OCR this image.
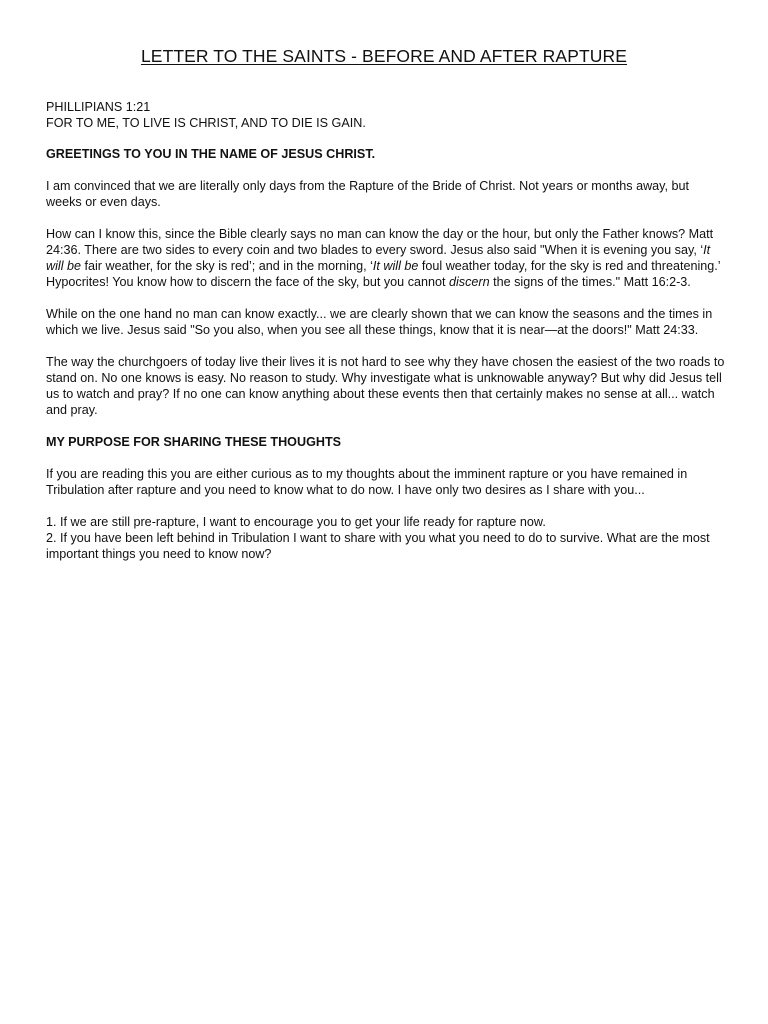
LETTER TO THE SAINTS - BEFORE AND AFTER RAPTURE

PHILLIPIANS 1:21
FOR TO ME, TO LIVE IS CHRIST, AND TO DIE IS GAIN.

GREETINGS TO YOU IN THE NAME OF JESUS CHRIST.

I am convinced that we are literally only days from the Rapture of the Bride of Christ. Not years or months away, but weeks or even days.

How can I know this, since the Bible clearly says no man can know the day or the hour, but only the Father knows? Matt 24:36. There are two sides to every coin and two blades to every sword. Jesus also said "When it is evening you say, ‘It will be fair weather, for the sky is red’; and in the morning, ‘It will be foul weather today, for the sky is red and threatening.’ Hypocrites! You know how to discern the face of the sky, but you cannot discern the signs of the times." Matt 16:2-3.

While on the one hand no man can know exactly... we are clearly shown that we can know the seasons and the times in which we live. Jesus said "So you also, when you see all these things, know that it is near—at the doors!" Matt 24:33.

The way the churchgoers of today live their lives it is not hard to see why they have chosen the easiest of the two roads to stand on. No one knows is easy. No reason to study. Why investigate what is unknowable anyway? But why did Jesus tell us to watch and pray? If no one can know anything about these events then that certainly makes no sense at all... watch and pray.

MY PURPOSE FOR SHARING THESE THOUGHTS

If you are reading this you are either curious as to my thoughts about the imminent rapture or you have remained in Tribulation after rapture and you need to know what to do now. I have only two desires as I share with you...

1. If we are still pre-rapture, I want to encourage you to get your life ready for rapture now.
2. If you have been left behind in Tribulation I want to share with you what you need to do to survive. What are the most important things you need to know now?
